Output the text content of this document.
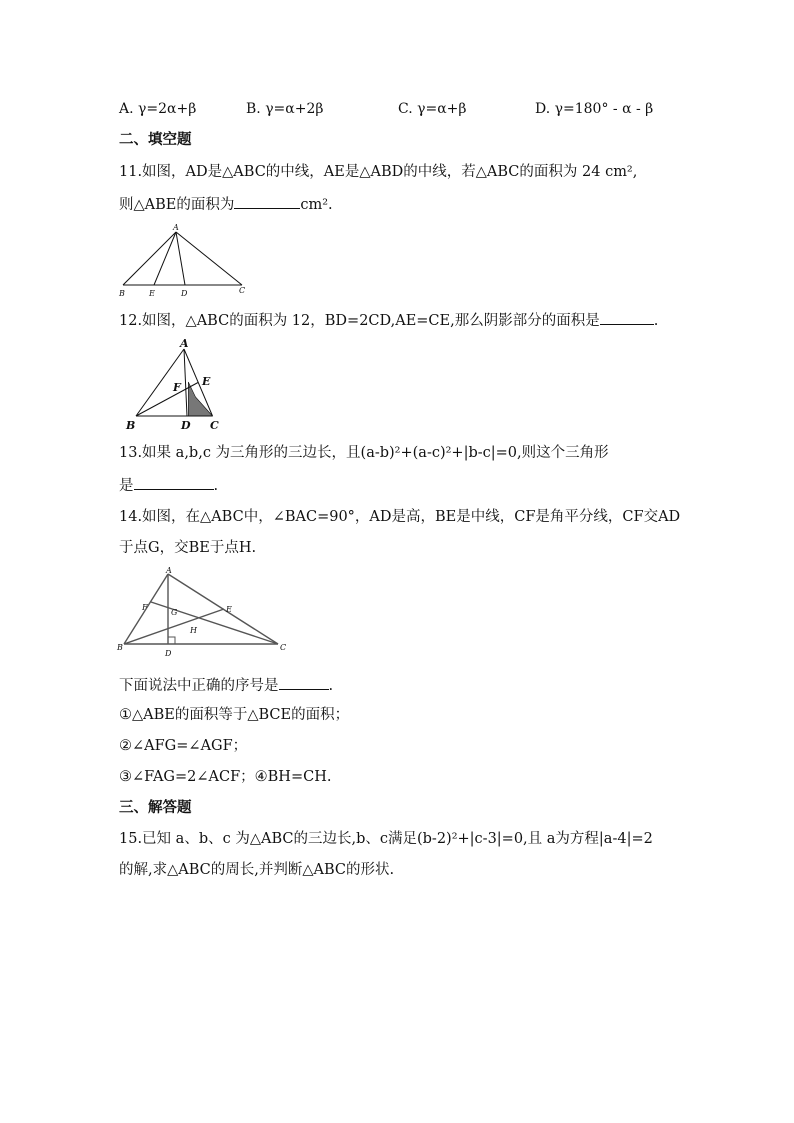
A. γ=2α+β	B. γ=α+2β	C. γ=α+β	D. γ=180° - α - β
二、填空题
11.如图，AD是△ABC的中线，AE是△ABD的中线，若△ABC的面积为 24 cm²,
则△ABE的面积为	cm².
A
B	E	D	C
12.如图，△ABC的面积为 12，BD=2CD,AE=CE,那么阴影部分的面积是	.
A
B	D C
E
F
13.如果 a,b,c 为三角形的三边长，且(a-b)²+(a-c)²+|b-c|=0,则这个三角形
是	.
14.如图，在△ABC中，∠BAC=90°，AD是高，BE是中线，CF是角平分线，CF交AD
于点G，交BE于点H.
A
B	C
D
E
F
G
H
下面说法中正确的序号是	.
①△ABE的面积等于△BCE的面积；
②∠AFG=∠AGF；
③∠FAG=2∠ACF；④BH=CH.
三、解答题
15.已知 a、b、c 为△ABC的三边长,b、c满足(b-2)²+|c-3|=0,且 a为方程|a-4|=2
的解,求△ABC的周长,并判断△ABC的形状.
